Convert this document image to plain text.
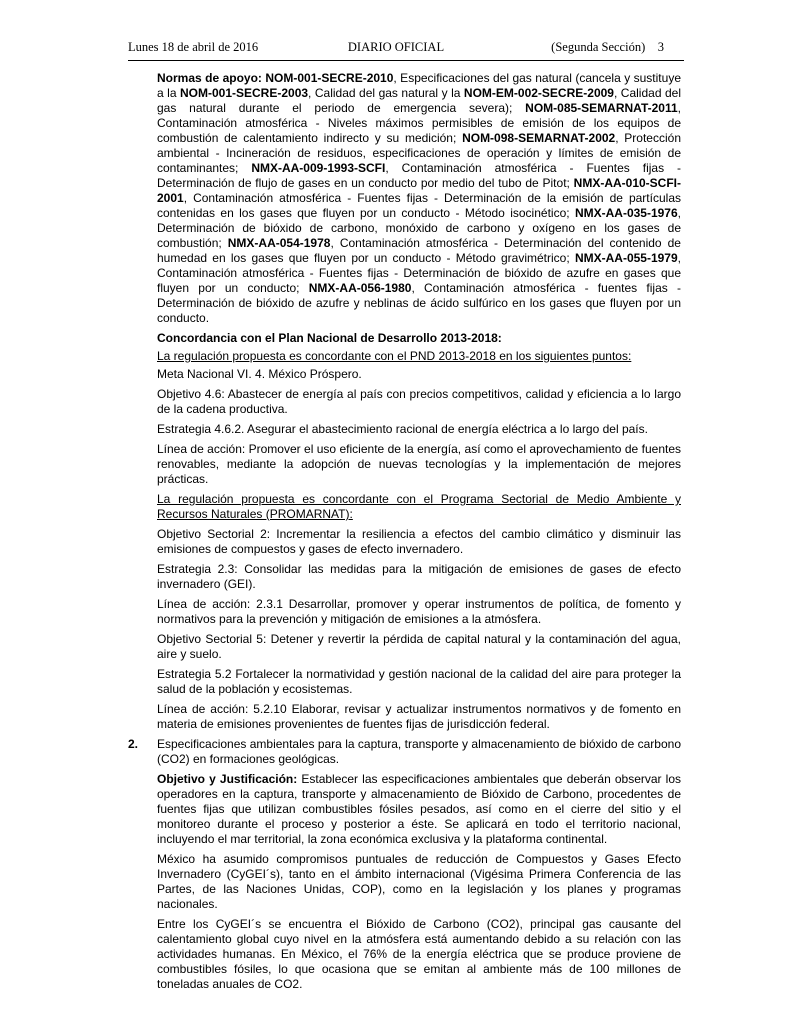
Lunes 18 de abril de 2016	DIARIO OFICIAL	(Segunda Sección) 3

Normas de apoyo: NOM-001-SECRE-2010, Especificaciones del gas natural (cancela y sustituye a la NOM-001-SECRE-2003, Calidad del gas natural y la NOM-EM-002-SECRE-2009, Calidad del gas natural durante el periodo de emergencia severa); NOM-085-SEMARNAT-2011, Contaminación atmosférica - Niveles máximos permisibles de emisión de los equipos de combustión de calentamiento indirecto y su medición; NOM-098-SEMARNAT-2002, Protección ambiental - Incineración de residuos, especificaciones de operación y límites de emisión de contaminantes; NMX-AA-009-1993-SCFI, Contaminación atmosférica - Fuentes fijas - Determinación de flujo de gases en un conducto por medio del tubo de Pitot; NMX-AA-010-SCFI-2001, Contaminación atmosférica - Fuentes fijas - Determinación de la emisión de partículas contenidas en los gases que fluyen por un conducto - Método isocinético; NMX-AA-035-1976, Determinación de bióxido de carbono, monóxido de carbono y oxígeno en los gases de combustión; NMX-AA-054-1978, Contaminación atmosférica - Determinación del contenido de humedad en los gases que fluyen por un conducto - Método gravimétrico; NMX-AA-055-1979, Contaminación atmosférica - Fuentes fijas - Determinación de bióxido de azufre en gases que fluyen por un conducto; NMX-AA-056-1980, Contaminación atmosférica - fuentes fijas - Determinación de bióxido de azufre y neblinas de ácido sulfúrico en los gases que fluyen por un conducto.

Concordancia con el Plan Nacional de Desarrollo 2013-2018:

La regulación propuesta es concordante con el PND 2013-2018 en los siguientes puntos:

Meta Nacional VI. 4. México Próspero.

Objetivo 4.6: Abastecer de energía al país con precios competitivos, calidad y eficiencia a lo largo de la cadena productiva.

Estrategia 4.6.2. Asegurar el abastecimiento racional de energía eléctrica a lo largo del país.

Línea de acción: Promover el uso eficiente de la energía, así como el aprovechamiento de fuentes renovables, mediante la adopción de nuevas tecnologías y la implementación de mejores prácticas.

La regulación propuesta es concordante con el Programa Sectorial de Medio Ambiente y Recursos Naturales (PROMARNAT):

Objetivo Sectorial 2: Incrementar la resiliencia a efectos del cambio climático y disminuir las emisiones de compuestos y gases de efecto invernadero.

Estrategia 2.3: Consolidar las medidas para la mitigación de emisiones de gases de efecto invernadero (GEI).

Línea de acción: 2.3.1 Desarrollar, promover y operar instrumentos de política, de fomento y normativos para la prevención y mitigación de emisiones a la atmósfera.

Objetivo Sectorial 5: Detener y revertir la pérdida de capital natural y la contaminación del agua, aire y suelo.

Estrategia 5.2 Fortalecer la normatividad y gestión nacional de la calidad del aire para proteger la salud de la población y ecosistemas.

Línea de acción: 5.2.10 Elaborar, revisar y actualizar instrumentos normativos y de fomento en materia de emisiones provenientes de fuentes fijas de jurisdicción federal.

2. Especificaciones ambientales para la captura, transporte y almacenamiento de bióxido de carbono (CO2) en formaciones geológicas.

Objetivo y Justificación: Establecer las especificaciones ambientales que deberán observar los operadores en la captura, transporte y almacenamiento de Bióxido de Carbono, procedentes de fuentes fijas que utilizan combustibles fósiles pesados, así como en el cierre del sitio y el monitoreo durante el proceso y posterior a éste. Se aplicará en todo el territorio nacional, incluyendo el mar territorial, la zona económica exclusiva y la plataforma continental.

México ha asumido compromisos puntuales de reducción de Compuestos y Gases Efecto Invernadero (CyGEI´s), tanto en el ámbito internacional (Vigésima Primera Conferencia de las Partes, de las Naciones Unidas, COP), como en la legislación y los planes y programas nacionales.

Entre los CyGEI´s se encuentra el Bióxido de Carbono (CO2), principal gas causante del calentamiento global cuyo nivel en la atmósfera está aumentando debido a su relación con las actividades humanas. En México, el 76% de la energía eléctrica que se produce proviene de combustibles fósiles, lo que ocasiona que se emitan al ambiente más de 100 millones de toneladas anuales de CO2.
